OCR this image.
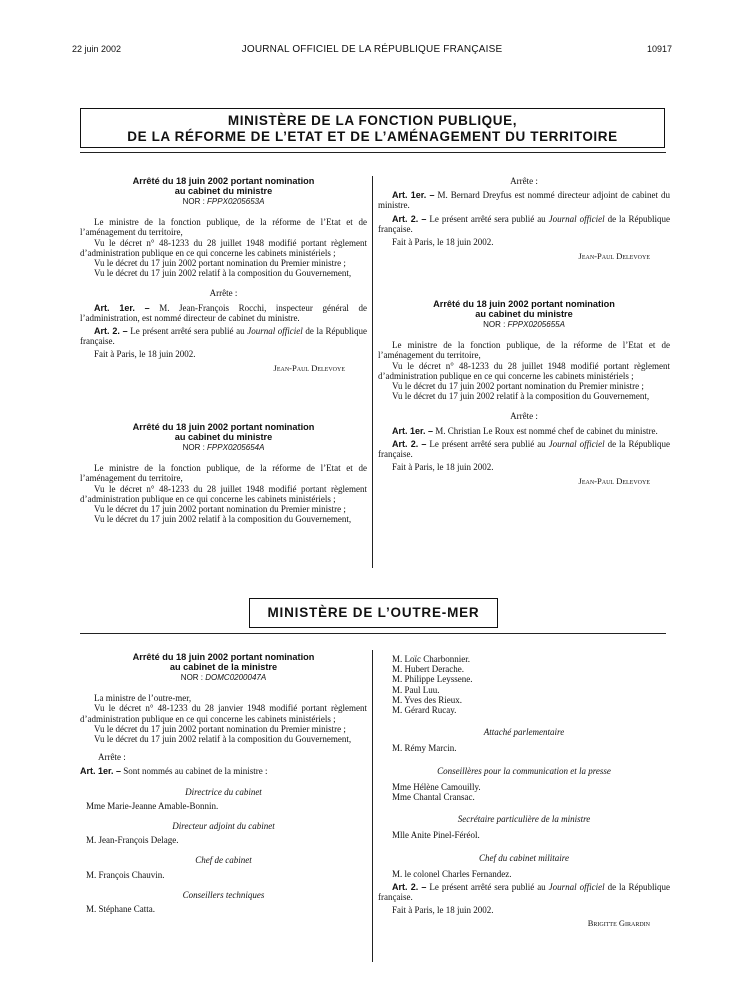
22 juin 2002	JOURNAL OFFICIEL DE LA RÉPUBLIQUE FRANÇAISE	10917
MINISTÈRE DE LA FONCTION PUBLIQUE,
DE LA RÉFORME DE L’ETAT ET DE L’AMÉNAGEMENT DU TERRITOIRE

Arrêté du 18 juin 2002 portant nomination

au cabinet du ministre

NOR : FPPX0205653A

Le ministre de la fonction publique, de la réforme de l’Etat et de l’aménagement du territoire,

Vu le décret n° 48-1233 du 28 juillet 1948 modifié portant règlement d’administration publique en ce qui concerne les cabinets ministériels ;

Vu le décret du 17 juin 2002 portant nomination du Premier ministre ;

Vu le décret du 17 juin 2002 relatif à la composition du Gouvernement,

Arrête :

Art. 1er. – M. Jean-François Rocchi, inspecteur général de l’administration, est nommé directeur de cabinet du ministre.

Art. 2. – Le présent arrêté sera publié au Journal officiel de la République française.

Fait à Paris, le 18 juin 2002.

Jean-Paul Delevoye

Arrêté du 18 juin 2002 portant nomination

au cabinet du ministre

NOR : FPPX0205654A

Le ministre de la fonction publique, de la réforme de l’Etat et de l’aménagement du territoire,

Vu le décret n° 48-1233 du 28 juillet 1948 modifié portant règlement d’administration publique en ce qui concerne les cabinets ministériels ;

Vu le décret du 17 juin 2002 portant nomination du Premier ministre ;

Vu le décret du 17 juin 2002 relatif à la composition du Gouvernement,

Arrête :

Art. 1er. – M. Bernard Dreyfus est nommé directeur adjoint de cabinet du ministre.

Art. 2. – Le présent arrêté sera publié au Journal officiel de la République française.

Fait à Paris, le 18 juin 2002.

Jean-Paul Delevoye

Arrêté du 18 juin 2002 portant nomination

au cabinet du ministre

NOR : FPPX0205655A

Le ministre de la fonction publique, de la réforme de l’Etat et de l’aménagement du territoire,

Vu le décret n° 48-1233 du 28 juillet 1948 modifié portant règlement d’administration publique en ce qui concerne les cabinets ministériels ;

Vu le décret du 17 juin 2002 portant nomination du Premier ministre ;

Vu le décret du 17 juin 2002 relatif à la composition du Gouvernement,

Arrête :

Art. 1er. – M. Christian Le Roux est nommé chef de cabinet du ministre.

Art. 2. – Le présent arrêté sera publié au Journal officiel de la République française.

Fait à Paris, le 18 juin 2002.

Jean-Paul Delevoye

MINISTÈRE DE L’OUTRE-MER

Arrêté du 18 juin 2002 portant nomination

au cabinet de la ministre

NOR : DOMC0200047A

La ministre de l’outre-mer,

Vu le décret n° 48-1233 du 28 janvier 1948 modifié portant règlement d’administration publique en ce qui concerne les cabinets ministériels ;

Vu le décret du 17 juin 2002 portant nomination du Premier ministre ;

Vu le décret du 17 juin 2002 relatif à la composition du Gouvernement,

Arrête :

Art. 1er. – Sont nommés au cabinet de la ministre :

Directrice du cabinet

Mme Marie-Jeanne Amable-Bonnin.

Directeur adjoint du cabinet

M. Jean-François Delage.

Chef de cabinet

M. François Chauvin.

Conseillers techniques

M. Stéphane Catta.

M. Loïc Charbonnier.

M. Hubert Derache.

M. Philippe Leyssene.

M. Paul Luu.

M. Yves des Rieux.

M. Gérard Rucay.

Attaché parlementaire

M. Rémy Marcin.

Conseillères pour la communication et la presse

Mme Hélène Camouilly.

Mme Chantal Cransac.

Secrétaire particulière de la ministre

Mlle Anite Pinel-Féréol.

Chef du cabinet militaire

M. le colonel Charles Fernandez.

Art. 2. – Le présent arrêté sera publié au Journal officiel de la République française.

Fait à Paris, le 18 juin 2002.

Brigitte Girardin
